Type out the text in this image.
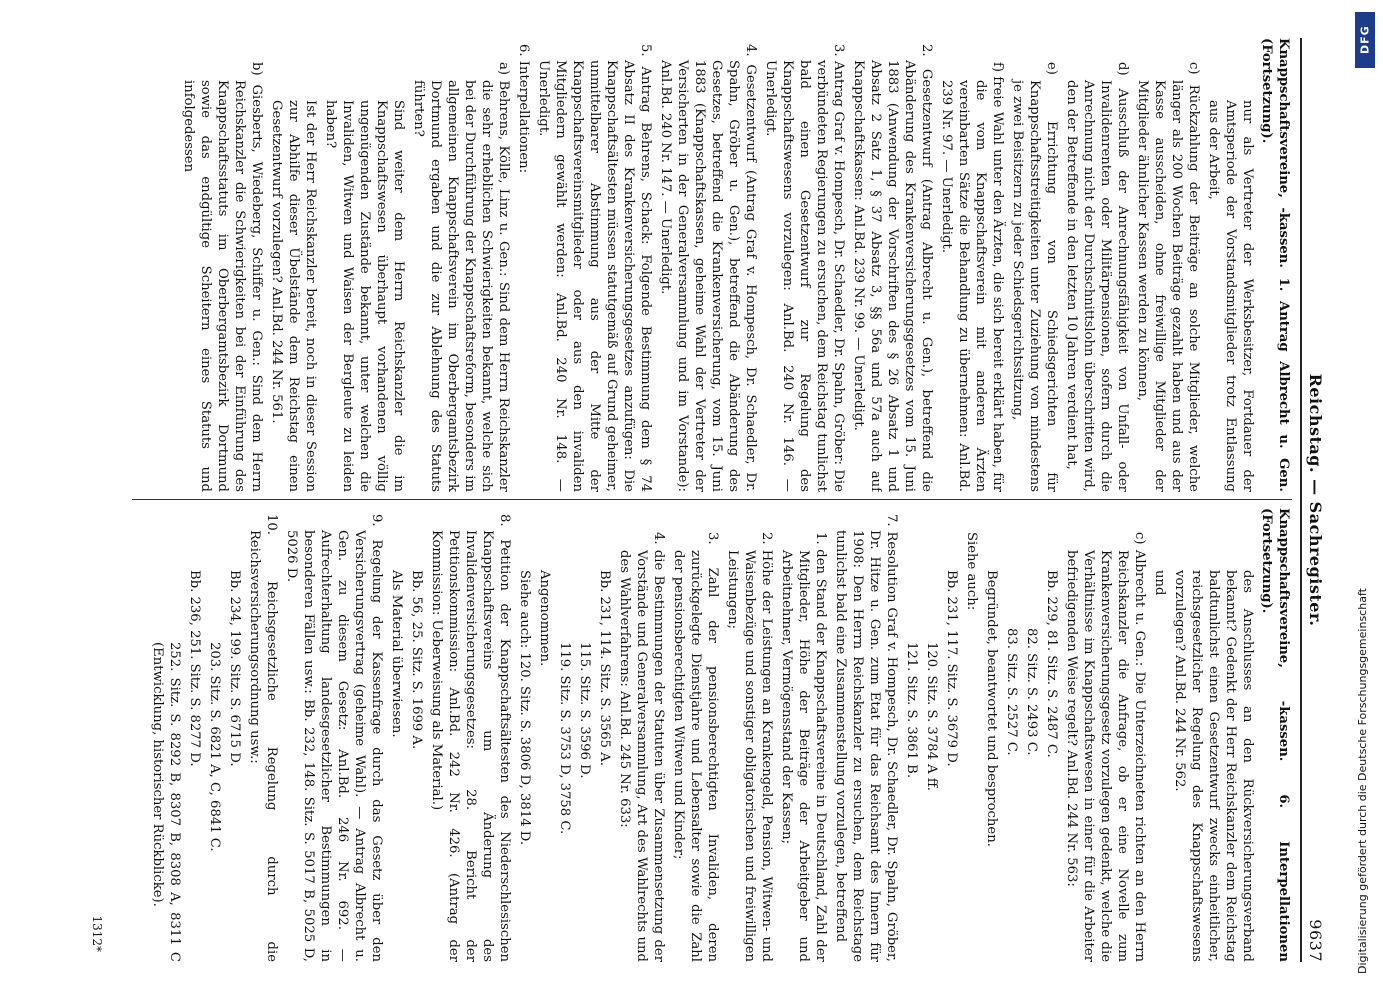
Reichstag. — Sachregister.
9637

Knappschaftsvereine, -kassen. 1. Antrag Albrecht u. Gen. (Fortsetzung).

nur als Vertreter der Werksbesitzer, Fortdauer der Amtsperiode der Vorstandsmitglieder trotz Entlassung aus der Arbeit,

c) Rückzahlung der Beiträge an solche Mitglieder, welche länger als 200 Wochen Beiträge gezahlt haben und aus der Kasse ausscheiden, ohne freiwillige Mitglieder der Mitglieder ähnlicher Kassen werden zu können,

d) Ausschluß der Anrechnungsfähigkeit von Unfall- oder Invalidenrenten oder Militärpensionen, sofern durch die Anrechnung nicht der Durchschnittslohn überschritten wird, den der Betreffende in den letzten 10 Jahren verdient hat,

e) Errichtung von Schiedsgerichten für Knappschaftsstreitigkeiten unter Zuziehung von mindestens je zwei Beisitzern zu jeder Schiedsgerichtssitzung,

f) freie Wahl unter den Ärzten, die sich bereit erklärt haben, für die vom Knappschaftsverein mit anderen Ärzten vereinbarten Sätze die Behandlung zu übernehmen: Anl.Bd. 239 Nr. 97. — Unerledigt.

2. Gesetzentwurf (Antrag Albrecht u. Gen.), betreffend die Abänderung des Krankenversicherungsgesetzes vom 15. Juni 1883 (Anwendung der Vorschriften des § 26 Absatz 1 und Absatz 2 Satz 1, § 37 Absatz 3, §§ 56a und 57a auch auf Knappschaftskassen: Anl.Bd. 239 Nr. 99. — Unerledigt.

3. Antrag Graf v. Hompesch, Dr. Schaedler, Dr. Spahn, Gröber: Die verbündeten Regierungen zu ersuchen, dem Reichstag tunlichst bald einen Gesetzentwurf zur Regelung des Knappschaftswesens vorzulegen: Anl.Bd. 240 Nr. 146. — Unerledigt.

4. Gesetzentwurf (Antrag Graf v. Hompesch, Dr. Schaedler, Dr. Spahn, Gröber u. Gen.), betreffend die Abänderung des Gesetzes, betreffend die Krankenversicherung, vom 15. Juni 1883 (Knappschaftskassen, geheime Wahl der Vertreter der Versicherten in der Generalversammlung und im Vorstande): Anl.Bd. 240 Nr. 147. — Unerledigt.

5. Antrag Behrens, Schack: Folgende Bestimmung dem § 74 Absatz II des Krankenversicherungsgesetzes anzufügen: Die Knappschaftsältesten müssen statutgemäß auf Grund geheimer, unmittelbarer Abstimmung aus der Mitte der Knappschaftsvereinsmitglieder oder aus den invaliden Mitgliedern gewählt werden: Anl.Bd. 240 Nr. 148. — Unerledigt.

6. Interpellationen:

a) Behrens, Kölle, Linz u. Gen.: Sind dem Herrn Reichskanzler die sehr erheblichen Schwierigkeiten bekannt, welche sich bei der Durchführung der Knappschaftsreform, besonders im allgemeinen Knappschaftsverein im Oberbergamtsbezirk Dortmund ergaben und die zur Ablehnung des Statuts führten?

Sind weiter dem Herrn Reichskanzler die im Knappschaftswesen überhaupt vorhandenen völlig ungenügenden Zustände bekannt, unter welchen die Invaliden, Witwen und Waisen der Bergleute zu leiden haben?

Ist der Herr Reichskanzler bereit, noch in dieser Session zur Abhilfe dieser Übelstände dem Reichstag einen Gesetzentwurf vorzulegen? Anl.Bd. 244 Nr. 561.

b) Giesberts, Wiedeberg, Schiffer u. Gen.: Sind dem Herrn Reichskanzler die Schwierigkeiten bei der Einführung des Knappschaftsstatuts im Oberbergamtsbezirk Dortmund sowie das endgültige Scheitern eines Statuts und infolgedessen

Knappschaftsvereine, -kassen. 6. Interpellationen (Fortsetzung).

des Anschlusses an den Rückversicherungsverband bekannt? Gedenkt der Herr Reichskanzler dem Reichstag baldtunlichst einen Gesetzentwurf zwecks einheitlicher, reichsgesetzlicher Regelung des Knappschaftswesens vorzulegen? Anl.Bd. 244 Nr. 562.

und

c) Albrecht u. Gen.: Die Unterzeichneten richten an den Herrn Reichskanzler die Anfrage, ob er eine Novelle zum Krankenversicherungsgesetz vorzulegen gedenkt, welche die Verhältnisse im Knappschaftswesen in einer für die Arbeiter befriedigenden Weise regelt? Anl.Bd. 244 Nr. 563:

Bb. 229, 81. Sitz. S. 2487 C.

82. Sitz. S. 2493 C.

83. Sitz. S. 2527 C.

Begründet, beantwortet und besprochen.

Siehe auch:

Bb. 231, 117. Sitz. S. 3679 D.

120. Sitz. S. 3784 A ff.

121. Sitz. S. 3861 B.

7. Resolution Graf v. Hompesch, Dr. Schaedler, Dr. Spahn, Gröber, Dr. Hitze u. Gen. zum Etat für das Reichsamt des Innern für 1908: Den Herrn Reichskanzler zu ersuchen, dem Reichstage tunlichst bald eine Zusammenstellung vorzulegen, betreffend

1. den Stand der Knappschaftsvereine in Deutschland, Zahl der Mitglieder, Höhe der Beiträge der Arbeitgeber und Arbeitnehmer, Vermögensstand der Kassen;

2. Höhe der Leistungen an Krankengeld, Pension, Witwen- und Waisenbezüge und sonstiger obligatorischen und freiwilligen Leistungen;

3. Zahl der pensionsberechtigten Invaliden, deren zurückgelegte Dienstjahre und Lebensalter sowie die Zahl der pensionsberechtigten Witwen und Kinder;

4. die Bestimmungen der Statuten über Zusammensetzung der Vorstände und Generalversammlung, Art des Wahlrechts und des Wahlverfahrens: Anl.Bd. 245 Nr. 633:

Bb. 231, 114. Sitz. S. 3565 A.

115. Sitz. S. 3596 D.

119. Sitz. S. 3753 D, 3758 C.

Angenommen.

Siehe auch: 120. Sitz. S. 3806 D, 3814 D.

8. Petition der Knappschaftsältesten des Niederschlesischen Knappschaftsvereins um Änderung des Invalidenversicherungsgesetzes: 28. Bericht der Petitionskommission: Anl.Bd. 242 Nr. 426. (Antrag der Kommission: Ueberweisung als Material.)

Bb. 56, 25. Sitz. S. 1699 A.

Als Material überwiesen.

9. Regelung der Kassenfrage durch das Gesetz über den Versicherungsvertrag (geheime Wahl). — Antrag Albrecht u. Gen. zu diesem Gesetz: Anl.Bd. 246 Nr. 692. — Aufrechterhaltung landesgesetzlicher Bestimmungen in besonderen Fällen usw.: Bb. 232, 148. Sitz. S. 5017 B, 5025 D, 5026 D.

10. Reichsgesetzliche Regelung durch die Reichsversicherungsordnung usw.:

Bb. 234, 199. Sitz. S. 6715 D.

203. Sitz. S. 6821 A, C, 6841 C.

Bb. 236, 251. Sitz. S. 8277 D.

252. Sitz. S. 8292 B, 8307 B, 8308 A, 8311 C (Entwicklung, historischer Rückblicke).

1312*
DFG
Digitalisierung gefördert durch die Deutsche Forschungsgemeinschaft
